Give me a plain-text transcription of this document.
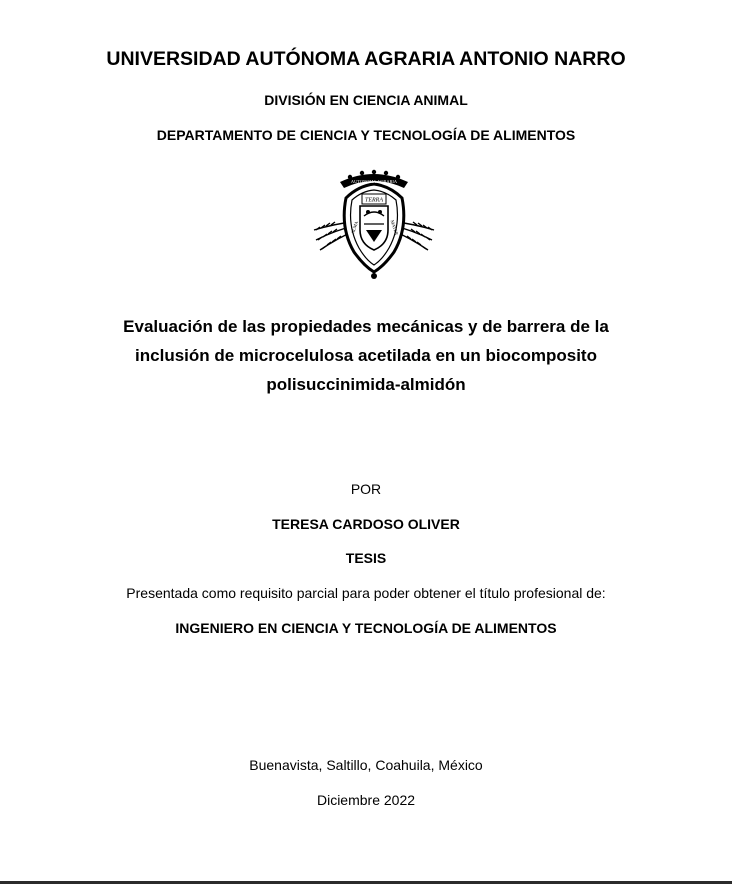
UNIVERSIDAD AUTÓNOMA AGRARIA ANTONIO NARRO
DIVISIÓN EN CIENCIA ANIMAL
DEPARTAMENTO DE CIENCIA Y TECNOLOGÍA DE ALIMENTOS
AUTONOMA AGRARIA
TERRA
ALMA	MATER
Evaluación de las propiedades mecánicas y de barrera de la
inclusión de microcelulosa acetilada en un biocomposito
polisuccinimida-almidón
POR
TERESA CARDOSO OLIVER
TESIS
Presentada como requisito parcial para poder obtener el título profesional de:
INGENIERO EN CIENCIA Y TECNOLOGÍA DE ALIMENTOS
Buenavista, Saltillo, Coahuila, México
Diciembre 2022
